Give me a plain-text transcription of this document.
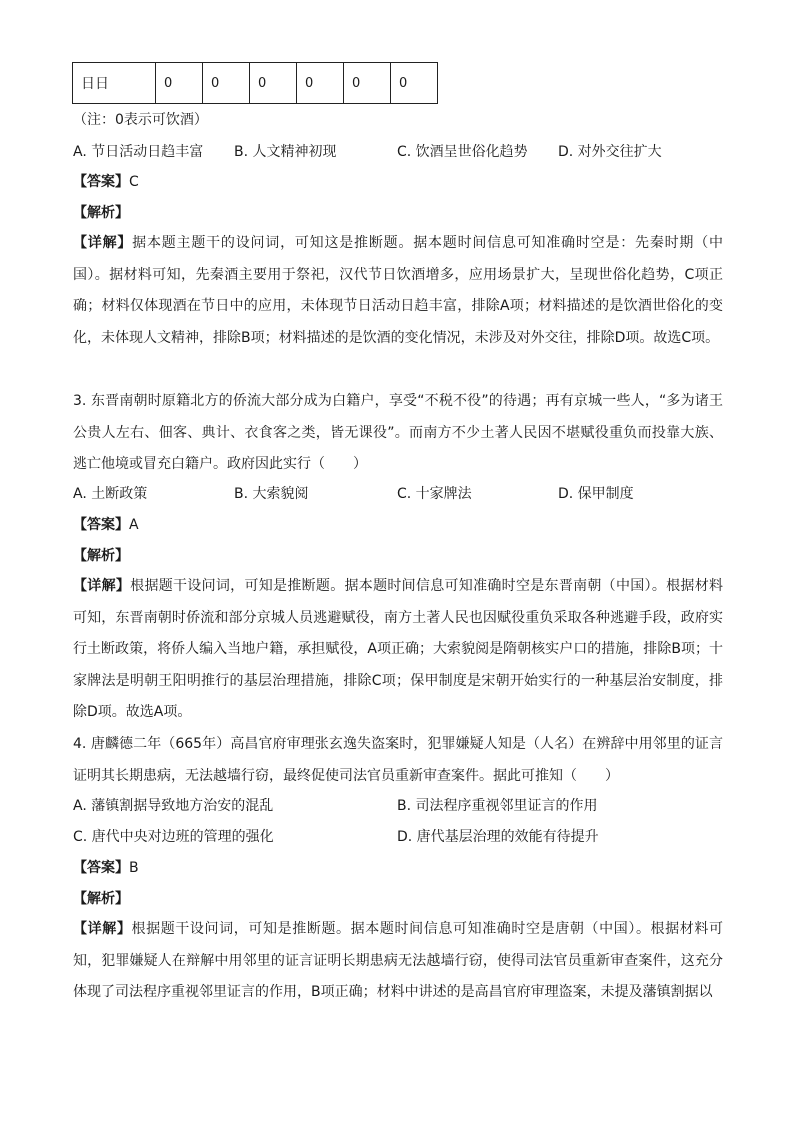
日日	0	0	0	0	0	0
（注：0表示可饮酒）
A. 节日活动日趋丰富 B. 人文精神初现	C. 饮酒呈世俗化趋势 D. 对外交往扩大
【答案】C
【解析】
【详解】据本题主题干的设问词，可知这是推断题。据本题时间信息可知准确时空是：先秦时期（中国）。据材料可知，先秦酒主要用于祭祀，汉代节日饮酒增多，应用场景扩大，呈现世俗化趋势，C项正确；材料仅体现酒在节日中的应用，未体现节日活动日趋丰富，排除A项；材料描述的是饮酒世俗化的变化，未体现人文精神，排除B项；材料描述的是饮酒的变化情况，未涉及对外交往，排除D项。故选C项。
3. 东晋南朝时原籍北方的侨流大部分成为白籍户，享受“不税不役”的待遇；再有京城一些人，“多为诸王公贵人左右、佃客、典计、衣食客之类，皆无课役”。而南方不少土著人民因不堪赋役重负而投靠大族、逃亡他境或冒充白籍户。政府因此实行（　　）
A. 土断政策	B. 大索貌阅	C. 十家牌法	D. 保甲制度
【答案】A
【解析】
【详解】根据题干设问词，可知是推断题。据本题时间信息可知准确时空是东晋南朝（中国）。根据材料可知，东晋南朝时侨流和部分京城人员逃避赋役，南方土著人民也因赋役重负采取各种逃避手段，政府实行土断政策，将侨人编入当地户籍，承担赋役，A项正确；大索貌阅是隋朝核实户口的措施，排除B项；十家牌法是明朝王阳明推行的基层治理措施，排除C项；保甲制度是宋朝开始实行的一种基层治安制度，排除D项。故选A项。
4. 唐麟德二年（665年）高昌官府审理张玄逸失盗案时，犯罪嫌疑人知是（人名）在辨辞中用邻里的证言证明其长期患病，无法越墙行窃，最终促使司法官员重新审查案件。据此可推知（　　）
A. 藩镇割据导致地方治安的混乱	B. 司法程序重视邻里证言的作用
C. 唐代中央对边班的管理的强化	D. 唐代基层治理的效能有待提升
【答案】B
【解析】
【详解】根据题干设问词，可知是推断题。据本题时间信息可知准确时空是唐朝（中国）。根据材料可知，犯罪嫌疑人在辩解中用邻里的证言证明长期患病无法越墙行窃，使得司法官员重新审查案件，这充分体现了司法程序重视邻里证言的作用，B项正确；材料中讲述的是高昌官府审理盗案，未提及藩镇割据以
